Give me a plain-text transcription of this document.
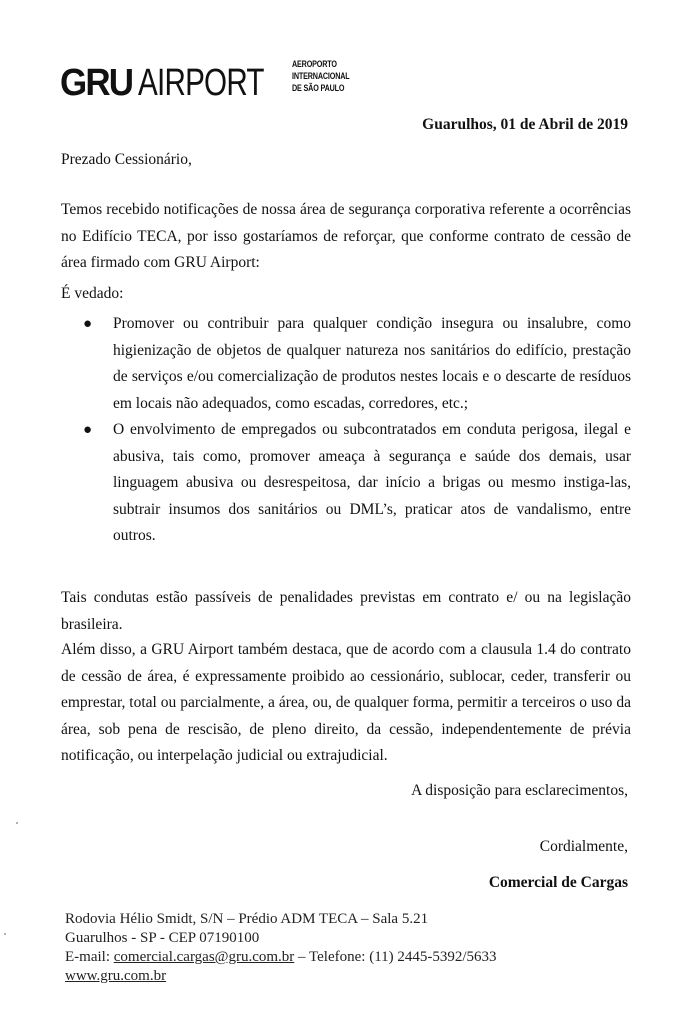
GRU AIRPORT	AEROPORTO
INTERNACIONAL
DE SÃO PAULO
Guarulhos, 01 de Abril de 2019
Prezado Cessionário,
Temos recebido notificações de nossa área de segurança corporativa referente a ocorrências no Edifício TECA, por isso gostaríamos de reforçar, que conforme contrato de cessão de área firmado com GRU Airport:
É vedado:
● Promover ou contribuir para qualquer condição insegura ou insalubre, como higienização de objetos de qualquer natureza nos sanitários do edifício, prestação de serviços e/ou comercialização de produtos nestes locais e o descarte de resíduos em locais não adequados, como escadas, corredores, etc.;
● O envolvimento de empregados ou subcontratados em conduta perigosa, ilegal e abusiva, tais como, promover ameaça à segurança e saúde dos demais, usar linguagem abusiva ou desrespeitosa, dar início a brigas ou mesmo instiga-las, subtrair insumos dos sanitários ou DML’s, praticar atos de vandalismo, entre outros.
Tais condutas estão passíveis de penalidades previstas em contrato e/ ou na legislação brasileira.
Além disso, a GRU Airport também destaca, que de acordo com a clausula 1.4 do contrato de cessão de área, é expressamente proibido ao cessionário, sublocar, ceder, transferir ou emprestar, total ou parcialmente, a área, ou, de qualquer forma, permitir a terceiros o uso da área, sob pena de rescisão, de pleno direito, da cessão, independentemente de prévia notificação, ou interpelação judicial ou extrajudicial.
A disposição para esclarecimentos,
Cordialmente,
Comercial de Cargas
Rodovia Hélio Smidt, S/N – Prédio ADM TECA – Sala 5.21
Guarulhos - SP - CEP 07190100
E-mail: comercial.cargas@gru.com.br – Telefone: (11) 2445-5392/5633
www.gru.com.br
